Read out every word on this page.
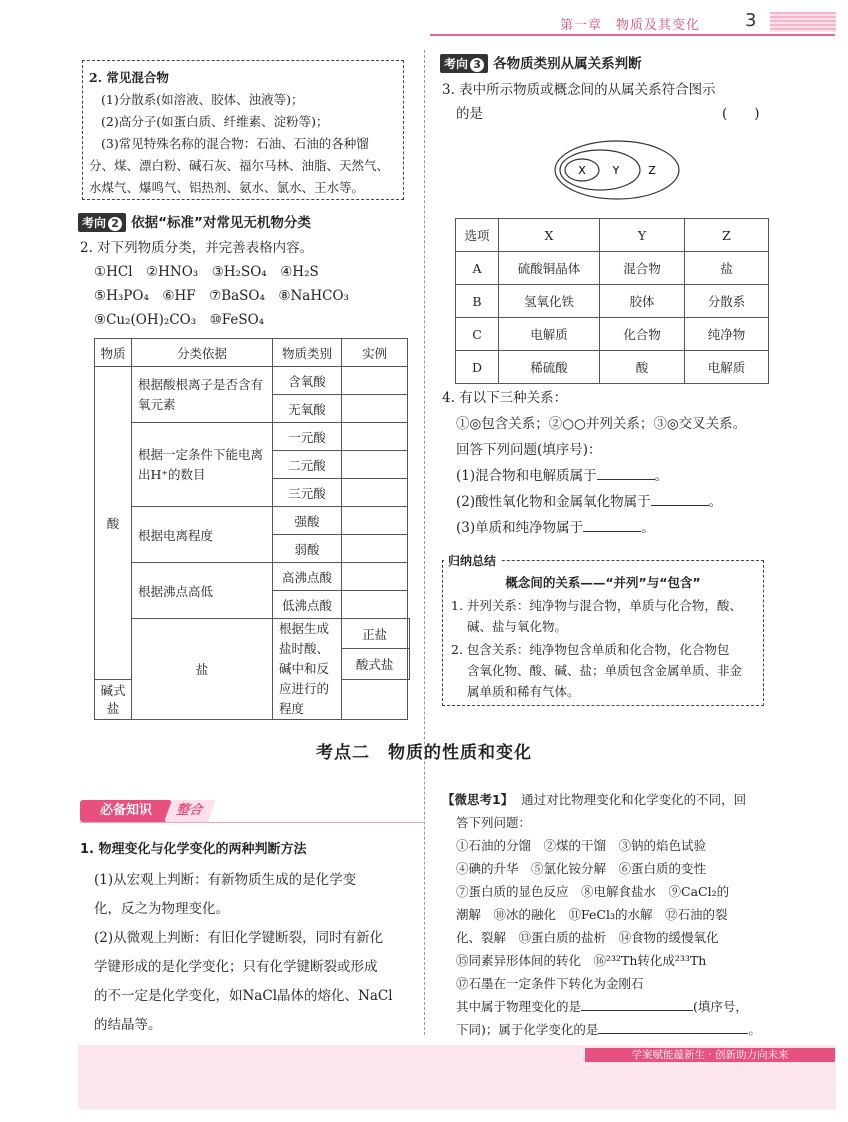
第一章　物质及其变化 3
2. 常见混合物
(1)分散系(如溶液、胶体、浊液等)；
(2)高分子(如蛋白质、纤维素、淀粉等)；
(3)常见特殊名称的混合物：石油、石油的各种馏
分、煤、漂白粉、碱石灰、福尔马林、油脂、天然气、
水煤气、爆鸣气、铝热剂、氨水、氯水、王水等。
考向 2 依据“标准”对常见无机物分类
2. 对下列物质分类，并完善表格内容。
①HCl　②HNO₃　③H₂SO₄　④H₂S
⑤H₃PO₄　⑥HF　⑦BaSO₄　⑧NaHCO₃
⑨Cu₂(OH)₂CO₃　⑩FeSO₄
物质	分类依据	物质类别	实例	
酸	根据酸根离子是否含有氧元素	含氧酸		
		无氧酸		
	根据一定条件下能电离出H⁺的数目	一元酸		
		二元酸		
		三元酸		
	根据电离程度	强酸		
		弱酸		
	根据沸点高低	高沸点酸		
		低沸点酸		
	盐	根据生成盐时酸、碱中和反应进行的程度	正盐	
			酸式盐	
碱式盐				
考向 3 各物质类别从属关系判断
3. 表中所示物质或概念间的从属关系符合图示
的是	(　　)
X Y	Z
选项	X	Y	Z
A	硫酸铜晶体	混合物	盐
B	氢氧化铁	胶体	分散系
C	电解质	化合物	纯净物
D	稀硫酸	酸	电解质
4. 有以下三种关系：
①◎包含关系；②○○并列关系；③◎交叉关系。
回答下列问题(填序号)：
(1)混合物和电解质属于	。
(2)酸性氧化物和金属氧化物属于	。
(3)单质和纯净物属于	。
概念间的关系——“并列”与“包含”
1. 并列关系：纯净物与混合物，单质与化合物，酸、
碱、盐与氧化物。
2. 包含关系：纯净物包含单质和化合物，化合物包
含氧化物、酸、碱、盐；单质包含金属单质、非金
属单质和稀有气体。
归纳总结
考点二　物质的性质和变化
必备知识	整合
1. 物理变化与化学变化的两种判断方法
(1)从宏观上判断：有新物质生成的是化学变
化，反之为物理变化。
(2)从微观上判断：有旧化学键断裂，同时有新化
学键形成的是化学变化；只有化学键断裂或形成
的不一定是化学变化，如NaCl晶体的熔化、NaCl
的结晶等。
【微思考1】 通过对比物理变化和化学变化的不同，回
答下列问题：
①石油的分馏　②煤的干馏　③钠的焰色试验
④碘的升华　⑤氯化铵分解　⑥蛋白质的变性
⑦蛋白质的显色反应　⑧电解食盐水　⑨CaCl₂的
潮解　⑩冰的融化　⑪FeCl₃的水解　⑫石油的裂
化、裂解　⑬蛋白质的盐析　⑭食物的缓慢氧化
⑮同素异形体间的转化　⑯²³²Th转化成²³³Th
⑰石墨在一定条件下转化为金刚石
其中属于物理变化的是	(填序号，
下同)；属于化学变化的是	。
学案赋能蕴新生 · 创新助力向未来
